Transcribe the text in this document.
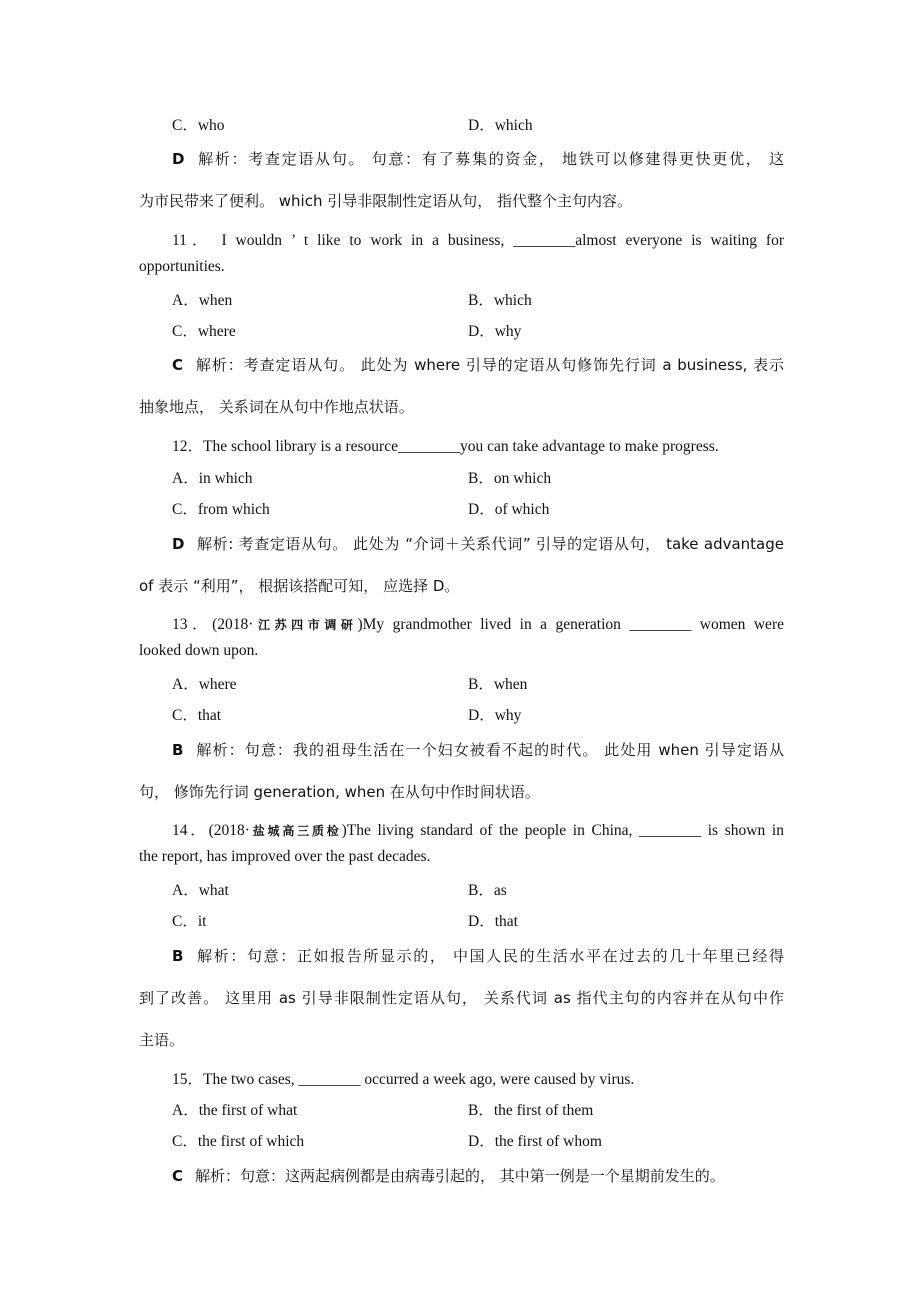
C．who	D．which
D 解析：考查定语从句。 句意：有了募集的资金， 地铁可以修建得更快更优， 这
为市民带来了便利。 which 引导非限制性定语从句， 指代整个主句内容。
11． I wouldn ’ t like to work in a business, ________almost everyone is waiting for
opportunities.
A．when	B．which
C．where	D．why
C 解析：考查定语从句。 此处为 where 引导的定语从句修饰先行词 a business, 表示
抽象地点， 关系词在从句中作地点状语。
12．The school library is a resource________you can take advantage to make progress.
A．in which	B．on which
C．from which	D．of which
D 解析: 考查定语从句。 此处为 “介词＋关系代词” 引导的定语从句， take advantage
of 表示 “利用”， 根据该搭配可知， 应选择 D。
13．(2018·江苏四市调研)My grandmother lived in a generation ________ women were
looked down upon.
A．where	B．when
C．that	D．why
B 解析：句意：我的祖母生活在一个妇女被看不起的时代。 此处用 when 引导定语从
句， 修饰先行词 generation, when 在从句中作时间状语。
14．(2018·盐城高三质检)The living standard of the people in China, ________ is shown in
the report, has improved over the past decades.
A．what	B．as
C．it	D．that
B 解析：句意：正如报告所显示的， 中国人民的生活水平在过去的几十年里已经得
到了改善。 这里用 as 引导非限制性定语从句， 关系代词 as 指代主句的内容并在从句中作
主语。
15．The two cases, ________ occurred a week ago, were caused by virus.
A．the first of what	B．the first of them
C．the first of which	D．the first of whom
C 解析：句意：这两起病例都是由病毒引起的， 其中第一例是一个星期前发生的。
